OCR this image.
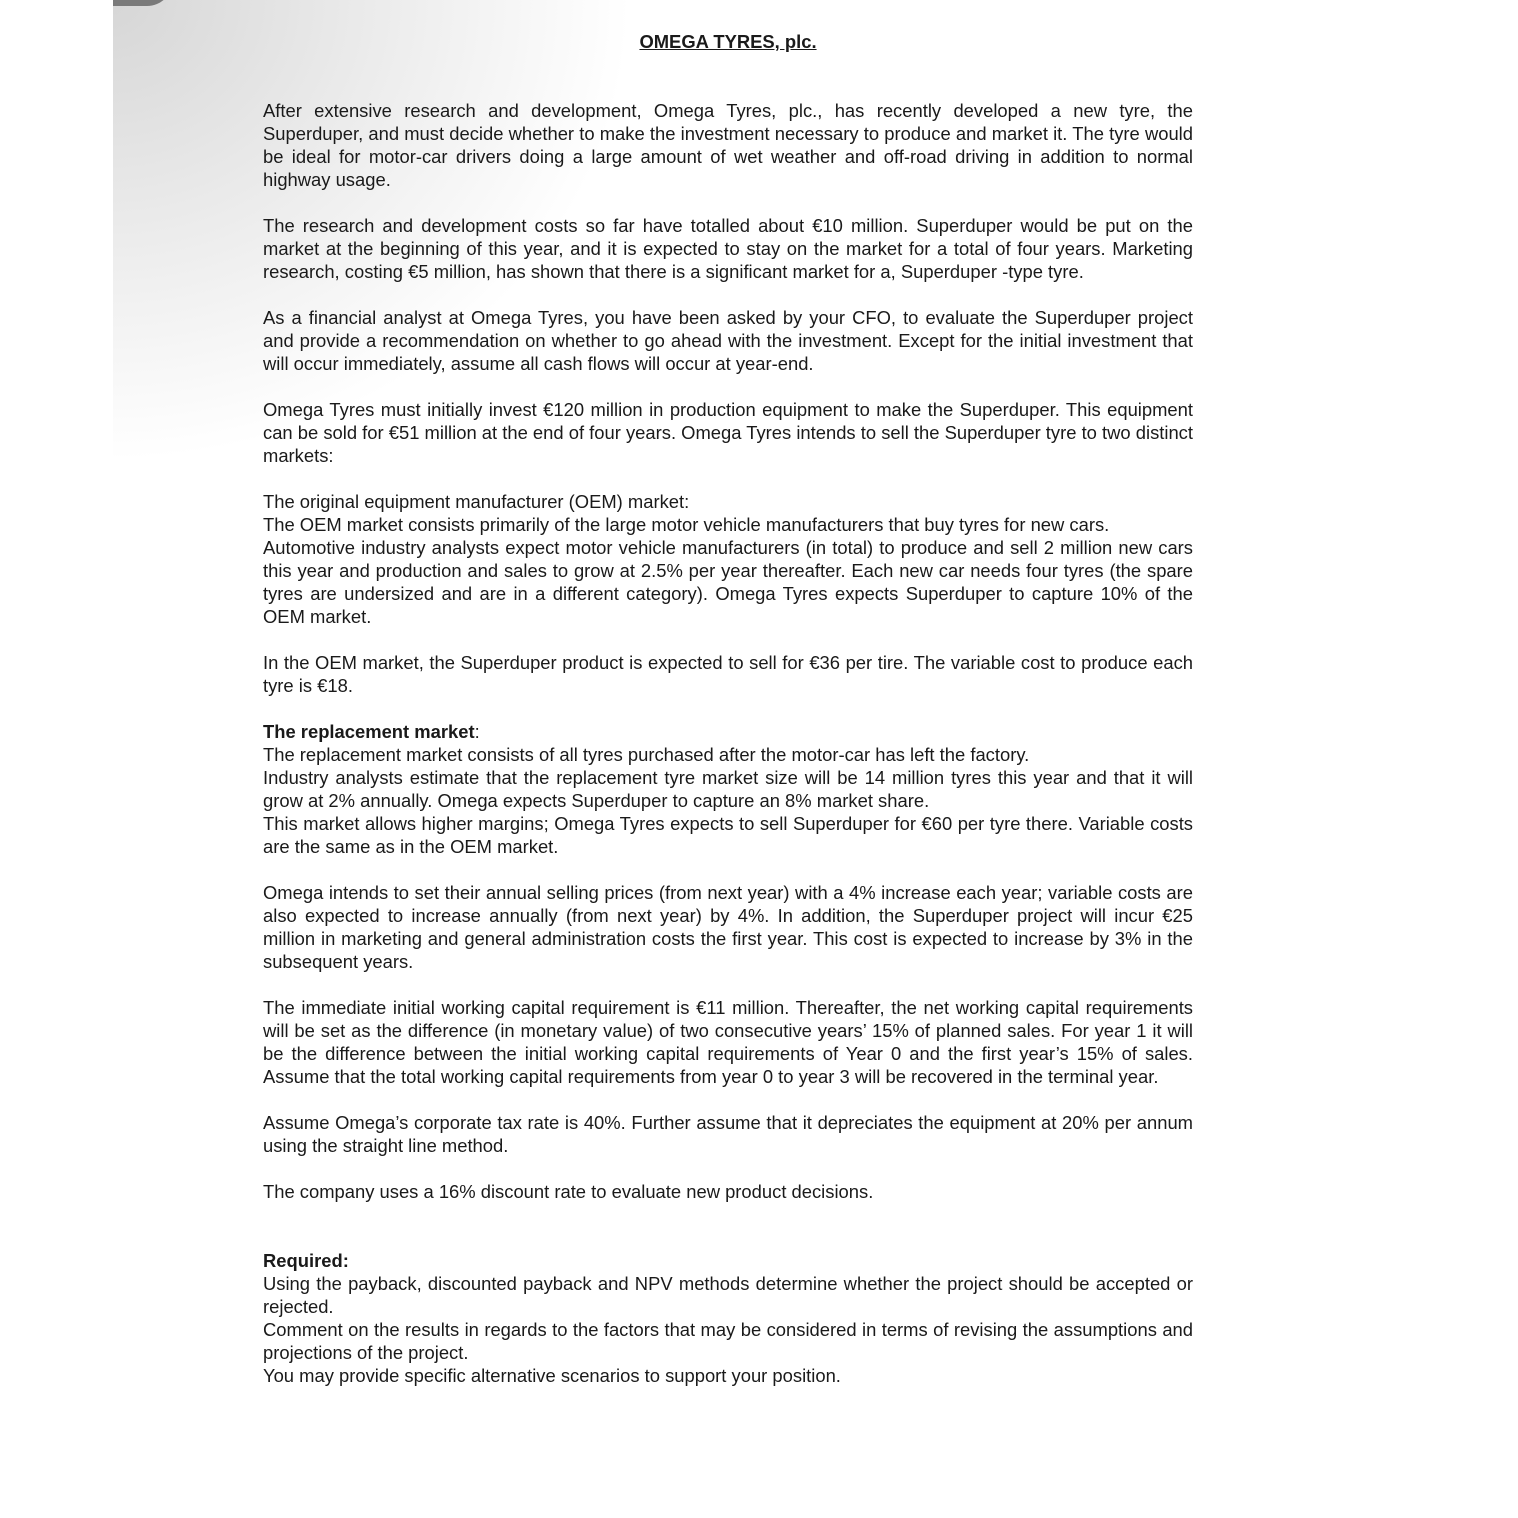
OMEGA TYRES, plc.
After extensive research and development, Omega Tyres, plc., has recently developed a new tyre, the Superduper, and must decide whether to make the investment necessary to produce and market it. The tyre would be ideal for motor-car drivers doing a large amount of wet weather and off-road driving in addition to normal highway usage.
The research and development costs so far have totalled about €10 million. Superduper would be put on the market at the beginning of this year, and it is expected to stay on the market for a total of four years. Marketing research, costing €5 million, has shown that there is a significant market for a, Superduper -type tyre.
As a financial analyst at Omega Tyres, you have been asked by your CFO, to evaluate the Superduper project and provide a recommendation on whether to go ahead with the investment. Except for the initial investment that will occur immediately, assume all cash flows will occur at year-end.
Omega Tyres must initially invest €120 million in production equipment to make the Superduper. This equipment can be sold for €51 million at the end of four years. Omega Tyres intends to sell the Superduper tyre to two distinct markets:
The original equipment manufacturer (OEM) market:
The OEM market consists primarily of the large motor vehicle manufacturers that buy tyres for new cars.
Automotive industry analysts expect motor vehicle manufacturers (in total) to produce and sell 2 million new cars this year and production and sales to grow at 2.5% per year thereafter. Each new car needs four tyres (the spare tyres are undersized and are in a different category). Omega Tyres expects Superduper to capture 10% of the OEM market.
In the OEM market, the Superduper product is expected to sell for €36 per tire. The variable cost to produce each tyre is €18.
The replacement market:
The replacement market consists of all tyres purchased after the motor-car has left the factory.
Industry analysts estimate that the replacement tyre market size will be 14 million tyres this year and that it will grow at 2% annually. Omega expects Superduper to capture an 8% market share.
This market allows higher margins; Omega Tyres expects to sell Superduper for €60 per tyre there. Variable costs are the same as in the OEM market.
Omega intends to set their annual selling prices (from next year) with a 4% increase each year; variable costs are also expected to increase annually (from next year) by 4%. In addition, the Superduper project will incur €25 million in marketing and general administration costs the first year. This cost is expected to increase by 3% in the subsequent years.
The immediate initial working capital requirement is €11 million. Thereafter, the net working capital requirements will be set as the difference (in monetary value) of two consecutive years’ 15% of planned sales. For year 1 it will be the difference between the initial working capital requirements of Year 0 and the first year’s 15% of sales. Assume that the total working capital requirements from year 0 to year 3 will be recovered in the terminal year.
Assume Omega’s corporate tax rate is 40%. Further assume that it depreciates the equipment at 20% per annum using the straight line method.
The company uses a 16% discount rate to evaluate new product decisions.
Required:
Using the payback, discounted payback and NPV methods determine whether the project should be accepted or rejected.
Comment on the results in regards to the factors that may be considered in terms of revising the assumptions and projections of the project.
You may provide specific alternative scenarios to support your position.
